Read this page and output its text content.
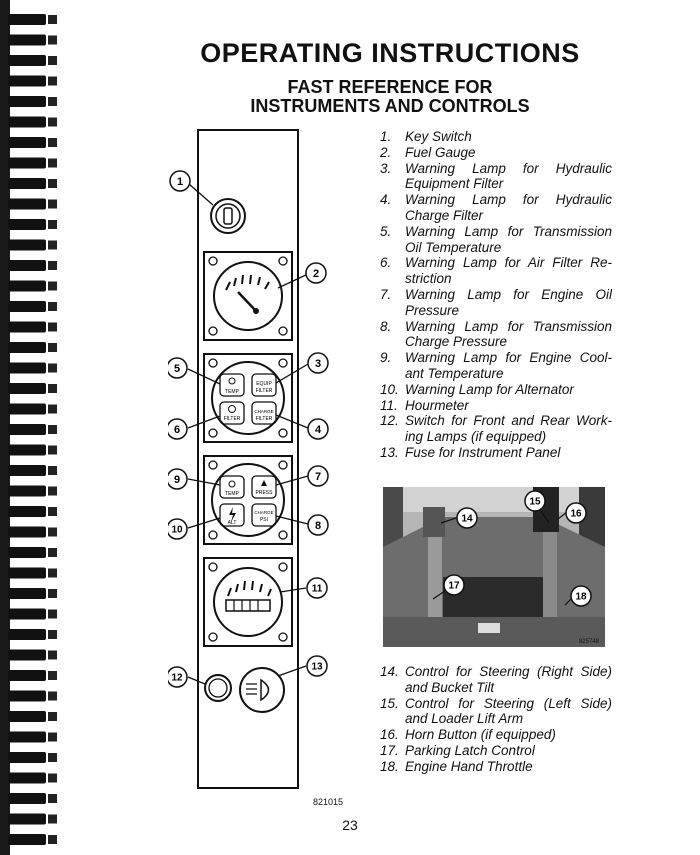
OPERATING INSTRUCTIONS
FAST REFERENCE FOR
INSTRUMENTS AND CONTROLS
TEMP
EQUIP
FILTER
FILTER
CHARGE
FILTER
TEMP	PRESS
ALT
CHARGE
PSI
1
2
3
4
5
6
7
8
9
10
11
12
13
1.	Key Switch
2.	Fuel Gauge
3.	Warning Lamp for Hydraulic Equipment Filter
4.	Warning Lamp for Hydraulic Charge Filter
5.	Warning Lamp for Transmission Oil Temperature
6.	Warning Lamp for Air Filter Re-striction
7.	Warning Lamp for Engine Oil Pressure
8.	Warning Lamp for Transmission Charge Pressure
9.	Warning Lamp for Engine Cool-ant Temperature
10. Warning Lamp for Alternator
11. Hourmeter
12. Switch for Front and Rear Work-ing Lamps (if equipped)
13. Fuse for Instrument Panel
825748
14
15
16
17
18
14. Control for Steering (Right Side) and Bucket Tilt
15. Control for Steering (Left Side) and Loader Lift Arm
16. Horn Button (if equipped)
17. Parking Latch Control
18. Engine Hand Throttle
821015
23
